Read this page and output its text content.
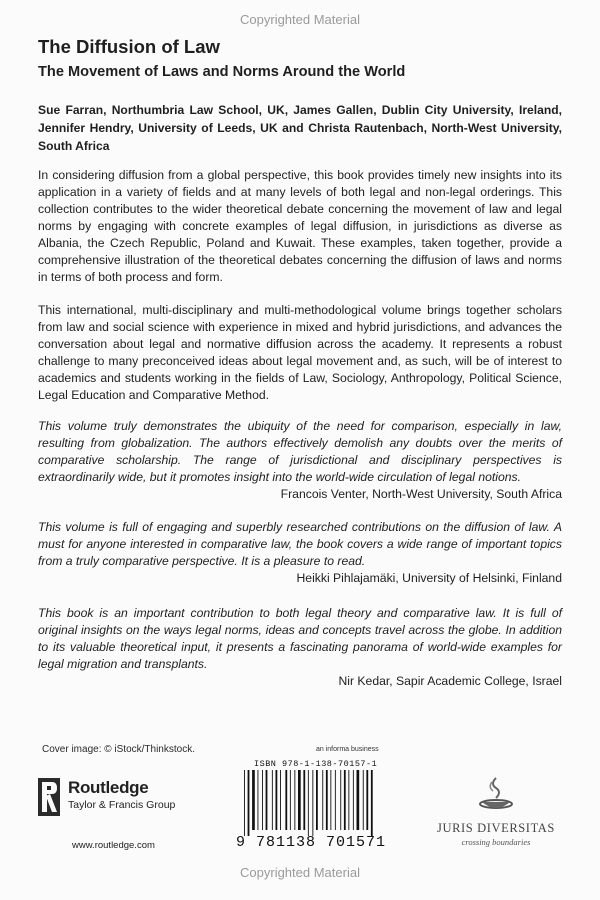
Copyrighted Material
The Diffusion of Law
The Movement of Laws and Norms Around the World

Sue Farran, Northumbria Law School, UK, James Gallen, Dublin City University, Ireland, Jennifer Hendry, University of Leeds, UK and Christa Rautenbach, North-West University, South Africa

In considering diffusion from a global perspective, this book provides timely new insights into its application in a variety of fields and at many levels of both legal and non-legal orderings. This collection contributes to the wider theoretical debate concerning the movement of law and legal norms by engaging with concrete examples of legal diffusion, in jurisdictions as diverse as Albania, the Czech Republic, Poland and Kuwait. These examples, taken together, provide a comprehensive illustration of the theoretical debates concerning the diffusion of laws and norms in terms of both process and form.

This international, multi-disciplinary and multi-methodological volume brings together scholars from law and social science with experience in mixed and hybrid jurisdictions, and advances the conversation about legal and normative diffusion across the academy. It represents a robust challenge to many preconceived ideas about legal movement and, as such, will be of interest to academics and students working in the fields of Law, Sociology, Anthropology, Political Science, Legal Education and Comparative Method.

This volume truly demonstrates the ubiquity of the need for comparison, especially in law, resulting from globalization. The authors effectively demolish any doubts over the merits of comparative scholarship. The range of jurisdictional and disciplinary perspectives is extraordinarily wide, but it promotes insight into the world-wide circulation of legal notions.

Francois Venter, North-West University, South Africa

This volume is full of engaging and superbly researched contributions on the diffusion of law. A must for anyone interested in comparative law, the book covers a wide range of important topics from a truly comparative perspective. It is a pleasure to read.

Heikki Pihlajamäki, University of Helsinki, Finland

This book is an important contribution to both legal theory and comparative law. It is full of original insights on the ways legal norms, ideas and concepts travel across the globe. In addition to its valuable theoretical input, it presents a fascinating panorama of world-wide examples for legal migration and transplants.

Nir Kedar, Sapir Academic College, Israel

Cover image: © iStock/Thinkstock.
Routledge
Taylor & Francis Group
www.routledge.com
an informa business
ISBN 978-1-138-70157-1
9 781138 701571
JURIS DIVERSITAS
crossing boundaries
Copyrighted Material
